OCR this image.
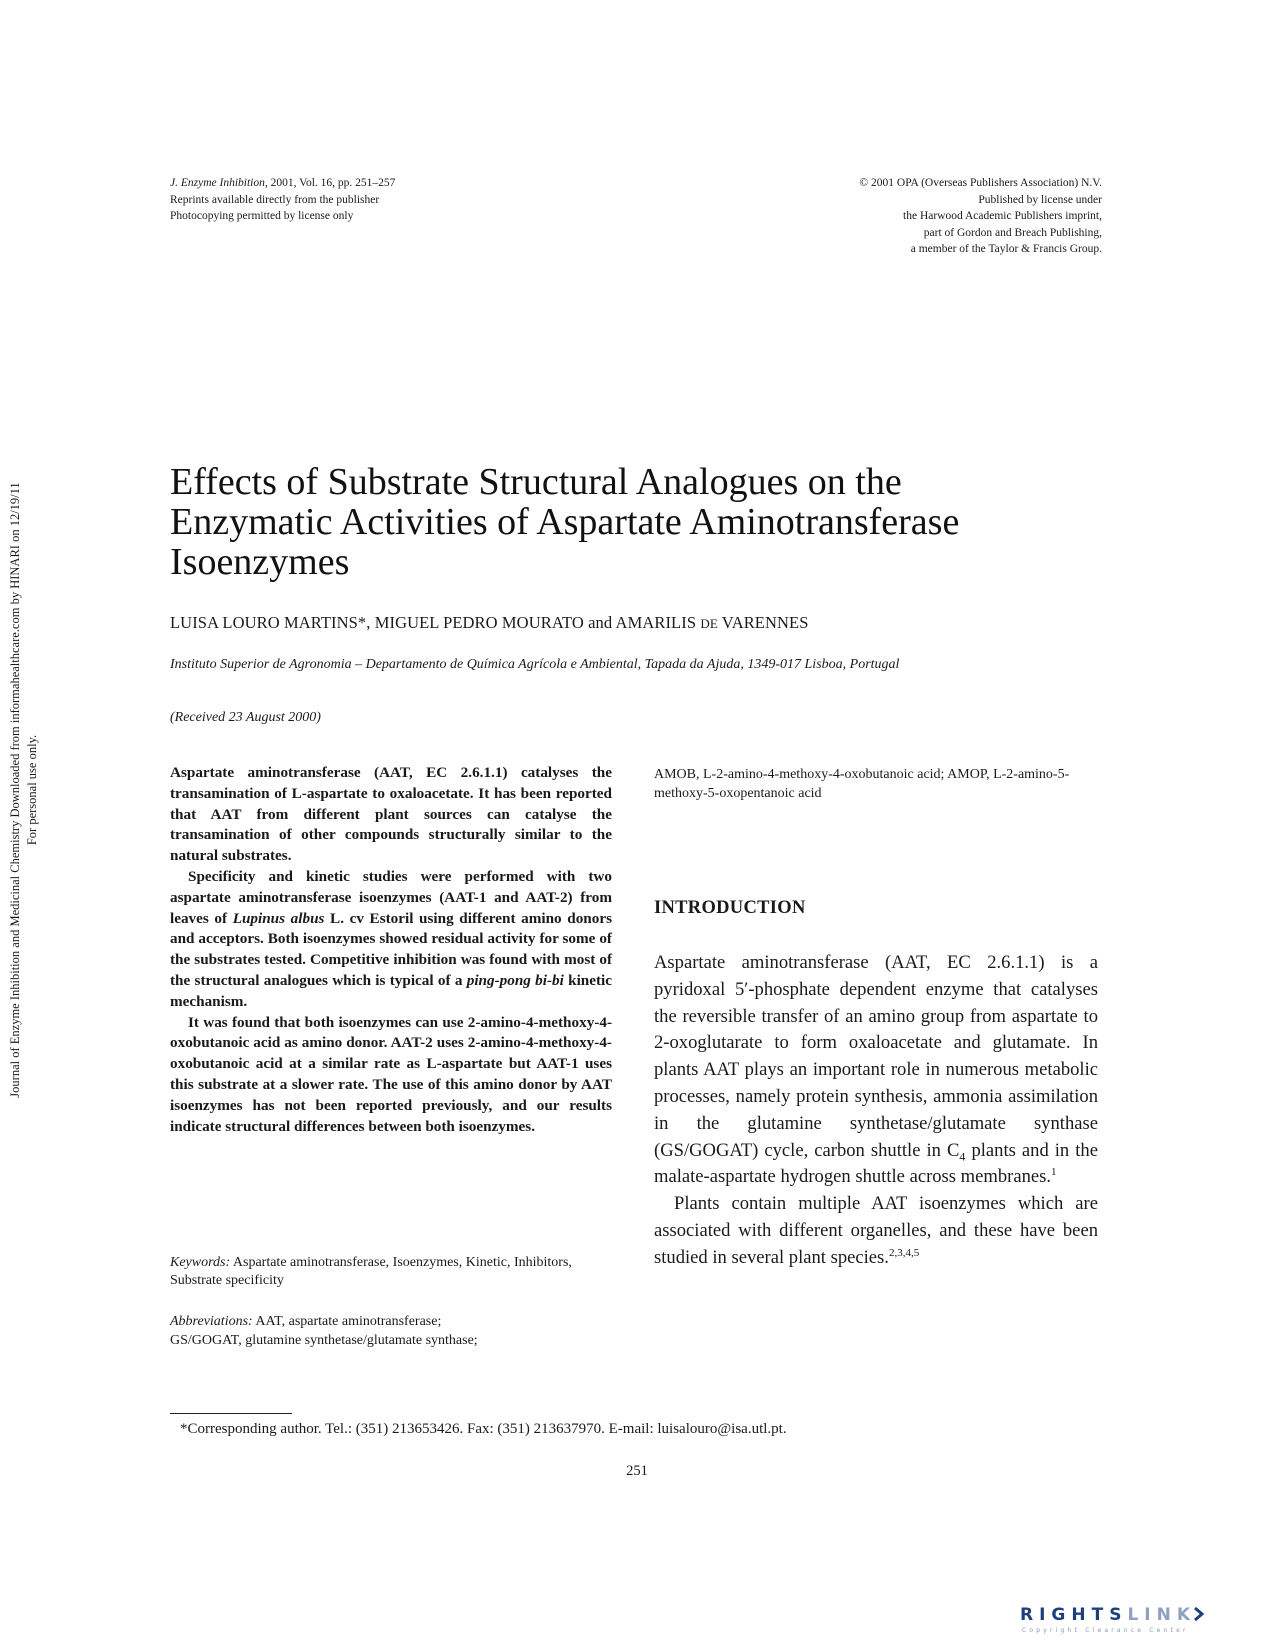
Journal of Enzyme Inhibition and Medicinal Chemistry Downloaded from informahealthcare.com by HINARI on 12/19/11 For personal use only.
J. Enzyme Inhibition, 2001, Vol. 16, pp. 251–257
Reprints available directly from the publisher
Photocopying permitted by license only
© 2001 OPA (Overseas Publishers Association) N.V.
Published by license under
the Harwood Academic Publishers imprint,
part of Gordon and Breach Publishing,
a member of the Taylor & Francis Group.
Effects of Substrate Structural Analogues on the
Enzymatic Activities of Aspartate Aminotransferase
Isoenzymes
LUISA LOURO MARTINS*, MIGUEL PEDRO MOURATO and AMARILIS DE VARENNES
Instituto Superior de Agronomia – Departamento de Química Agrícola e Ambiental, Tapada da Ajuda, 1349-017 Lisboa, Portugal
(Received 23 August 2000)

Aspartate aminotransferase (AAT, EC 2.6.1.1) catalyses the transamination of L-aspartate to oxaloacetate. It has been reported that AAT from different plant sources can catalyse the transamination of other compounds structurally similar to the natural substrates.

Specificity and kinetic studies were performed with two aspartate aminotransferase isoenzymes (AAT-1 and AAT-2) from leaves of Lupinus albus L. cv Estoril using different amino donors and acceptors. Both isoenzymes showed residual activity for some of the substrates tested. Competitive inhibition was found with most of the structural analogues which is typical of a ping-pong bi-bi kinetic mechanism.

It was found that both isoenzymes can use 2-amino-4-methoxy-4-oxobutanoic acid as amino donor. AAT-2 uses 2-amino-4-methoxy-4-oxobutanoic acid at a similar rate as L-aspartate but AAT-1 uses this substrate at a slower rate. The use of this amino donor by AAT isoenzymes has not been reported previously, and our results indicate structural differences between both isoenzymes.

Keywords: Aspartate aminotransferase, Isoenzymes, Kinetic, Inhibitors, Substrate specificity
Abbreviations: AAT, aspartate aminotransferase;
GS/GOGAT, glutamine synthetase/glutamate synthase;
AMOB, L-2-amino-4-methoxy-4-oxobutanoic acid; AMOP, L-2-amino-5-methoxy-5-oxopentanoic acid
INTRODUCTION

Aspartate aminotransferase (AAT, EC 2.6.1.1) is a pyridoxal 5′-phosphate dependent enzyme that catalyses the reversible transfer of an amino group from aspartate to 2-oxoglutarate to form oxaloacetate and glutamate. In plants AAT plays an important role in numerous metabolic processes, namely protein synthesis, ammonia assimilation in the glutamine synthetase/glutamate synthase (GS/GOGAT) cycle, carbon shuttle in $C_4$ plants and in the malate-aspartate hydrogen shuttle across membranes.$^1$

Plants contain multiple AAT isoenzymes which are associated with different organelles, and these have been studied in several plant species.$^{2,3,4,5}$

*Corresponding author. Tel.: (351) 213653426. Fax: (351) 213637970. E-mail: luisalouro@isa.utl.pt.
251
RIGHTSLINK
Copyright Clearance Center
